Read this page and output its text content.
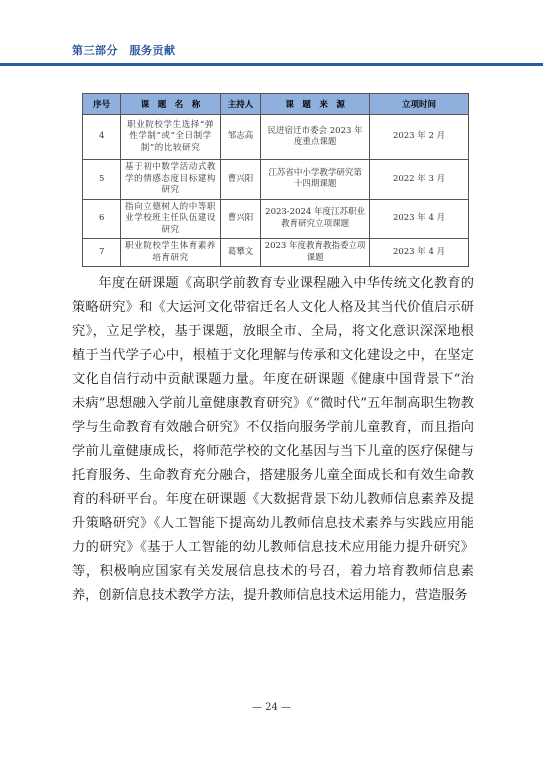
第三部分　服务贡献
序号	课　题　名　称	主持人	课　题　来　源	立项时间
4	职业院校学生选择“弹性学制”或“全日制学制”的比较研究	邹志高	民进宿迁市委会 2023 年度重点课题	2023 年 2 月
5	基于初中数学活动式教学的情感态度目标建构研究	曹兴阳	江苏省中小学教学研究第十四期课题	2022 年 3 月
6	指向立德树人的中等职业学校班主任队伍建设研究	曹兴阳	2023-2024 年度江苏职业教育研究立项课题	2023 年 4 月
7	职业院校学生体育素养培育研究	葛攀文	2023 年度教育教指委立项课题	2023 年 4 月

年度在研课题《高职学前教育专业课程融入中华传统文化教育的策略研究》和《大运河文化带宿迁名人文化人格及其当代价值启示研究》，立足学校，基于课题，放眼全市、全局，将文化意识深深地根植于当代学子心中，根植于文化理解与传承和文化建设之中，在坚定文化自信行动中贡献课题力量。年度在研课题《健康中国背景下“治未病”思想融入学前儿童健康教育研究》《“微时代”五年制高职生物教学与生命教育有效融合研究》不仅指向服务学前儿童教育，而且指向学前儿童健康成长，将师范学校的文化基因与当下儿童的医疗保健与托育服务、生命教育充分融合，搭建服务儿童全面成长和有效生命教育的科研平台。年度在研课题《大数据背景下幼儿教师信息素养及提升策略研究》《人工智能下提高幼儿教师信息技术素养与实践应用能力的研究》《基于人工智能的幼儿教师信息技术应用能力提升研究》等，积极响应国家有关发展信息技术的号召，着力培育教师信息素养，创新信息技术教学方法，提升教师信息技术运用能力，营造服务

— 24 —
